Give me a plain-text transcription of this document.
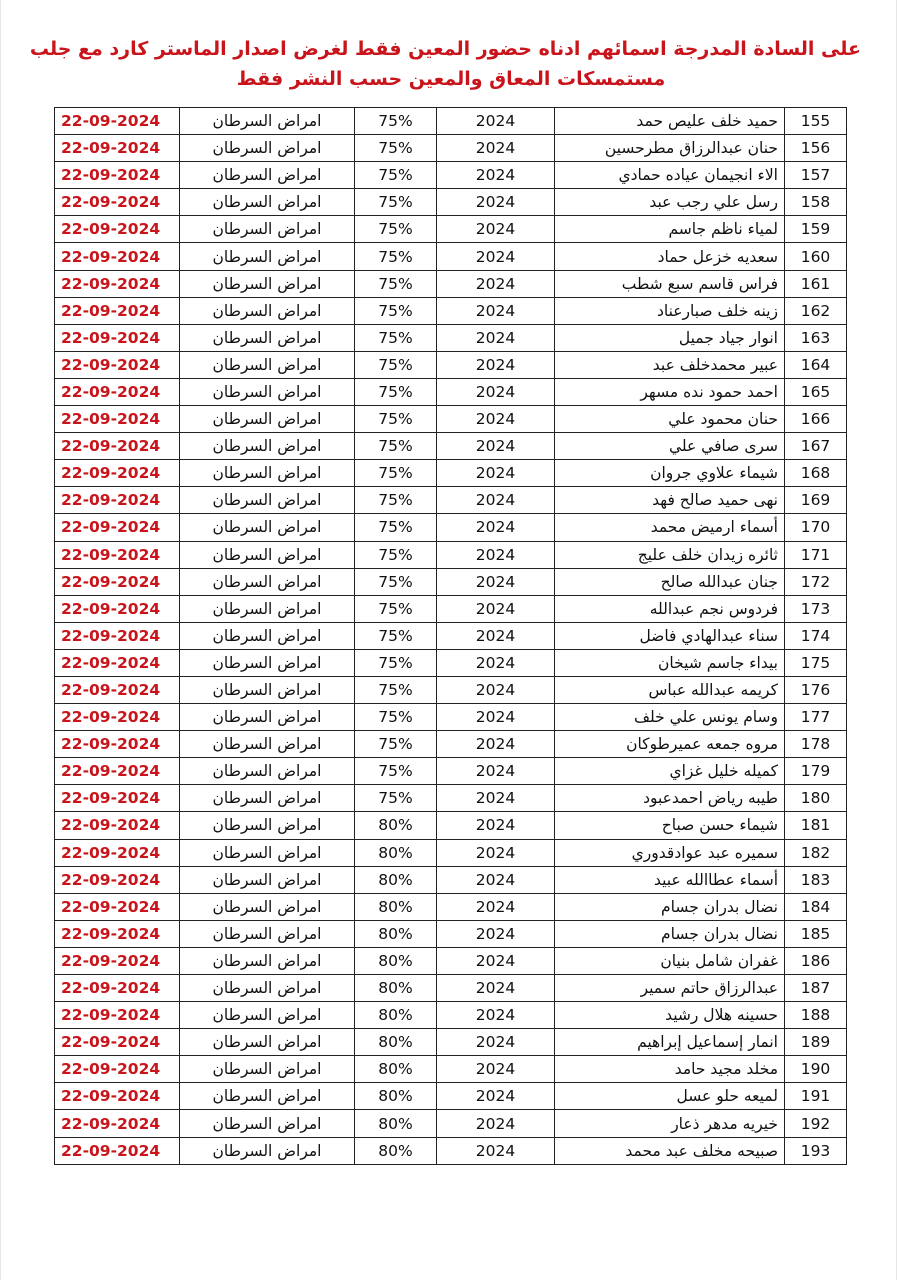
على السادة المدرجة اسمائهم ادناه حضور المعين فقط لغرض اصدار الماستر كارد مع جلب
مستمسكات المعاق والمعين حسب النشر فقط
155	حميد خلف عليص حمد	2024	75%	امراض السرطان	22-09-2024
156	حنان عبدالرزاق مطرحسين	2024	75%	امراض السرطان	22-09-2024
157	الاء انجيمان عياده حمادي	2024	75%	امراض السرطان	22-09-2024
158	رسل علي رجب عبد	2024	75%	امراض السرطان	22-09-2024
159	لمياء ناظم جاسم	2024	75%	امراض السرطان	22-09-2024
160	سعديه خزعل حماد	2024	75%	امراض السرطان	22-09-2024
161	فراس قاسم سبع شطب	2024	75%	امراض السرطان	22-09-2024
162	زينه خلف صبارعناد	2024	75%	امراض السرطان	22-09-2024
163	انوار جياد جميل	2024	75%	امراض السرطان	22-09-2024
164	عبير محمدخلف عبد	2024	75%	امراض السرطان	22-09-2024
165	احمد حمود نده مسهر	2024	75%	امراض السرطان	22-09-2024
166	حنان محمود علي	2024	75%	امراض السرطان	22-09-2024
167	سرى صافي علي	2024	75%	امراض السرطان	22-09-2024
168	شيماء علاوي جروان	2024	75%	امراض السرطان	22-09-2024
169	نهى حميد صالح فهد	2024	75%	امراض السرطان	22-09-2024
170	أسماء ارميض محمد	2024	75%	امراض السرطان	22-09-2024
171	ثائره زيدان خلف عليج	2024	75%	امراض السرطان	22-09-2024
172	جنان عبدالله صالح	2024	75%	امراض السرطان	22-09-2024
173	فردوس نجم عبدالله	2024	75%	امراض السرطان	22-09-2024
174	سناء عبدالهادي فاضل	2024	75%	امراض السرطان	22-09-2024
175	بيداء جاسم شيخان	2024	75%	امراض السرطان	22-09-2024
176	كريمه عبدالله عباس	2024	75%	امراض السرطان	22-09-2024
177	وسام يونس علي خلف	2024	75%	امراض السرطان	22-09-2024
178	مروه جمعه عميرطوكان	2024	75%	امراض السرطان	22-09-2024
179	كميله خليل غزاي	2024	75%	امراض السرطان	22-09-2024
180	طيبه رياض احمدعبود	2024	75%	امراض السرطان	22-09-2024
181	شيماء حسن صباح	2024	80%	امراض السرطان	22-09-2024
182	سميره عبد عوادقدوري	2024	80%	امراض السرطان	22-09-2024
183	أسماء عطاالله عبيد	2024	80%	امراض السرطان	22-09-2024
184	نضال بدران جسام	2024	80%	امراض السرطان	22-09-2024
185	نضال بدران جسام	2024	80%	امراض السرطان	22-09-2024
186	غفران شامل بنيان	2024	80%	امراض السرطان	22-09-2024
187	عبدالرزاق حاتم سمير	2024	80%	امراض السرطان	22-09-2024
188	حسينه هلال رشيد	2024	80%	امراض السرطان	22-09-2024
189	انمار إسماعيل إبراهيم	2024	80%	امراض السرطان	22-09-2024
190	مخلد مجيد حامد	2024	80%	امراض السرطان	22-09-2024
191	لميعه حلو عسل	2024	80%	امراض السرطان	22-09-2024
192	خيريه مدهر ذعار	2024	80%	امراض السرطان	22-09-2024
193	صبيحه مخلف عبد محمد	2024	80%	امراض السرطان	22-09-2024
